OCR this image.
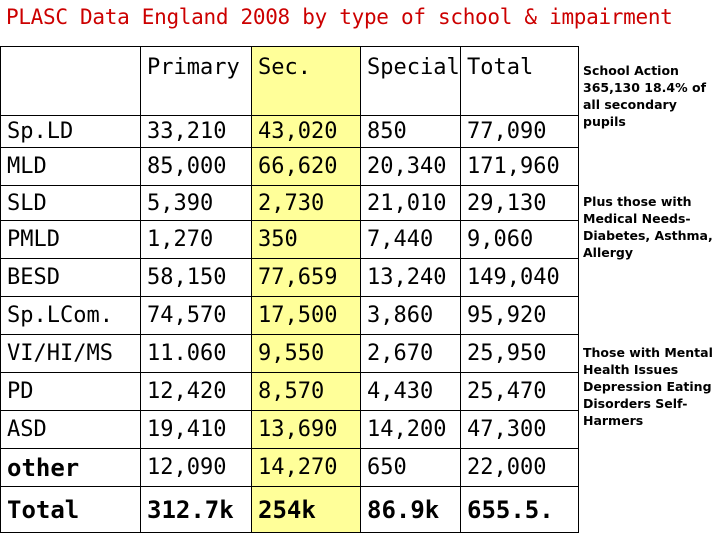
PLASC Data England 2008 by type of school & impairment
	Primary	Sec.	Special	Total
Sp.LD	33,210	43,020	850	77,090
MLD	85,000	66,620	20,340	171,960
SLD	5,390	2,730	21,010	29,130
PMLD	1,270	350	7,440	9,060
BESD	58,150	77,659	13,240	149,040
Sp.LCom.	74,570	17,500	3,860	95,920
VI/HI/MS	11.060	9,550	2,670	25,950
PD	12,420	8,570	4,430	25,470
ASD	19,410	13,690	14,200	47,300
other	12,090	14,270	650	22,000
Total	312.7k	254k	86.9k	655.5.
School Action 365,130 18.4% of all secondary pupils
Plus those with Medical Needs- Diabetes, Asthma, Allergy
Those with Mental Health Issues Depression Eating Disorders Self- Harmers
